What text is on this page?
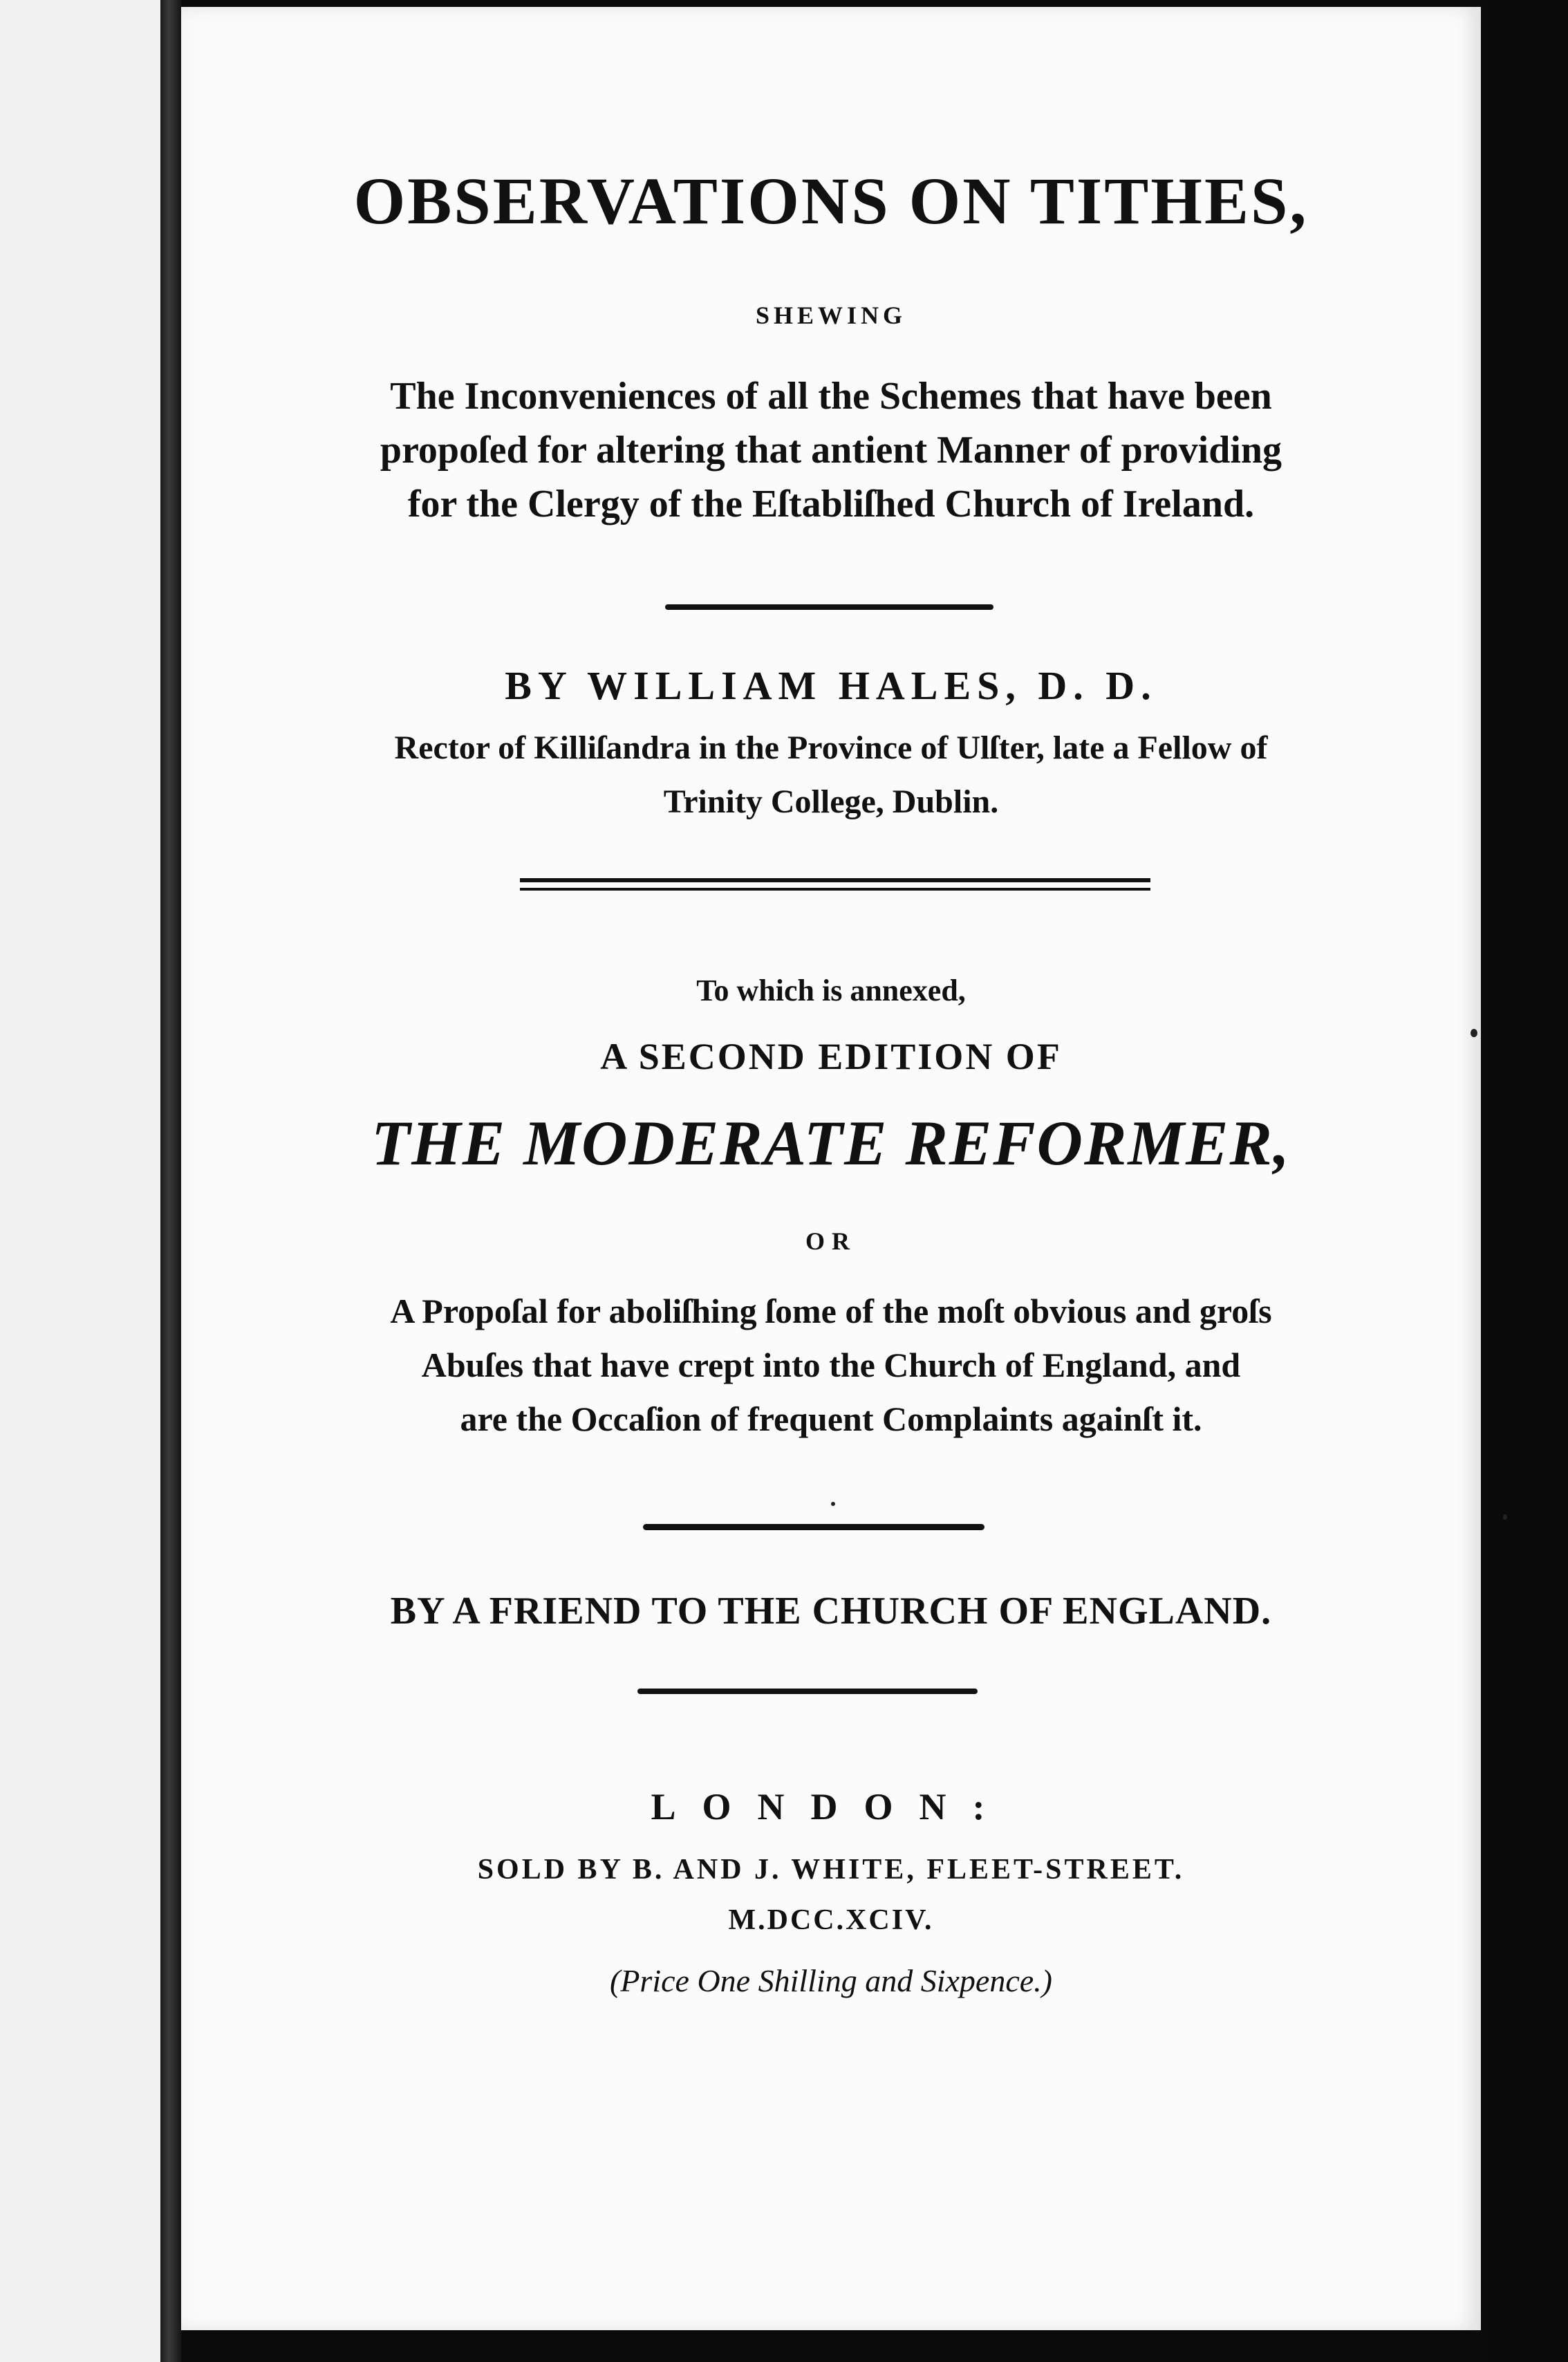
OBSERVATIONS ON TITHES,
SHEWING
The Inconveniences of all the Schemes that have been
propoſed for altering that antient Manner of providing
for the Clergy of the Eſtabliſhed Church of Ireland.
BY WILLIAM HALES, D. D.
Rector of Killiſandra in the Province of Ulſter, late a Fellow of
Trinity College, Dublin.
To which is annexed,
A SECOND EDITION OF
THE MODERATE REFORMER,
OR
A Propoſal for aboliſhing ſome of the moſt obvious and groſs
Abuſes that have crept into the Church of England, and
are the Occaſion of frequent Complaints againſt it.
BY A FRIEND TO THE CHURCH OF ENGLAND.
LONDON:
SOLD BY B. AND J. WHITE, FLEET-STREET.
M.DCC.XCIV.
(Price One Shilling and Sixpence.)
